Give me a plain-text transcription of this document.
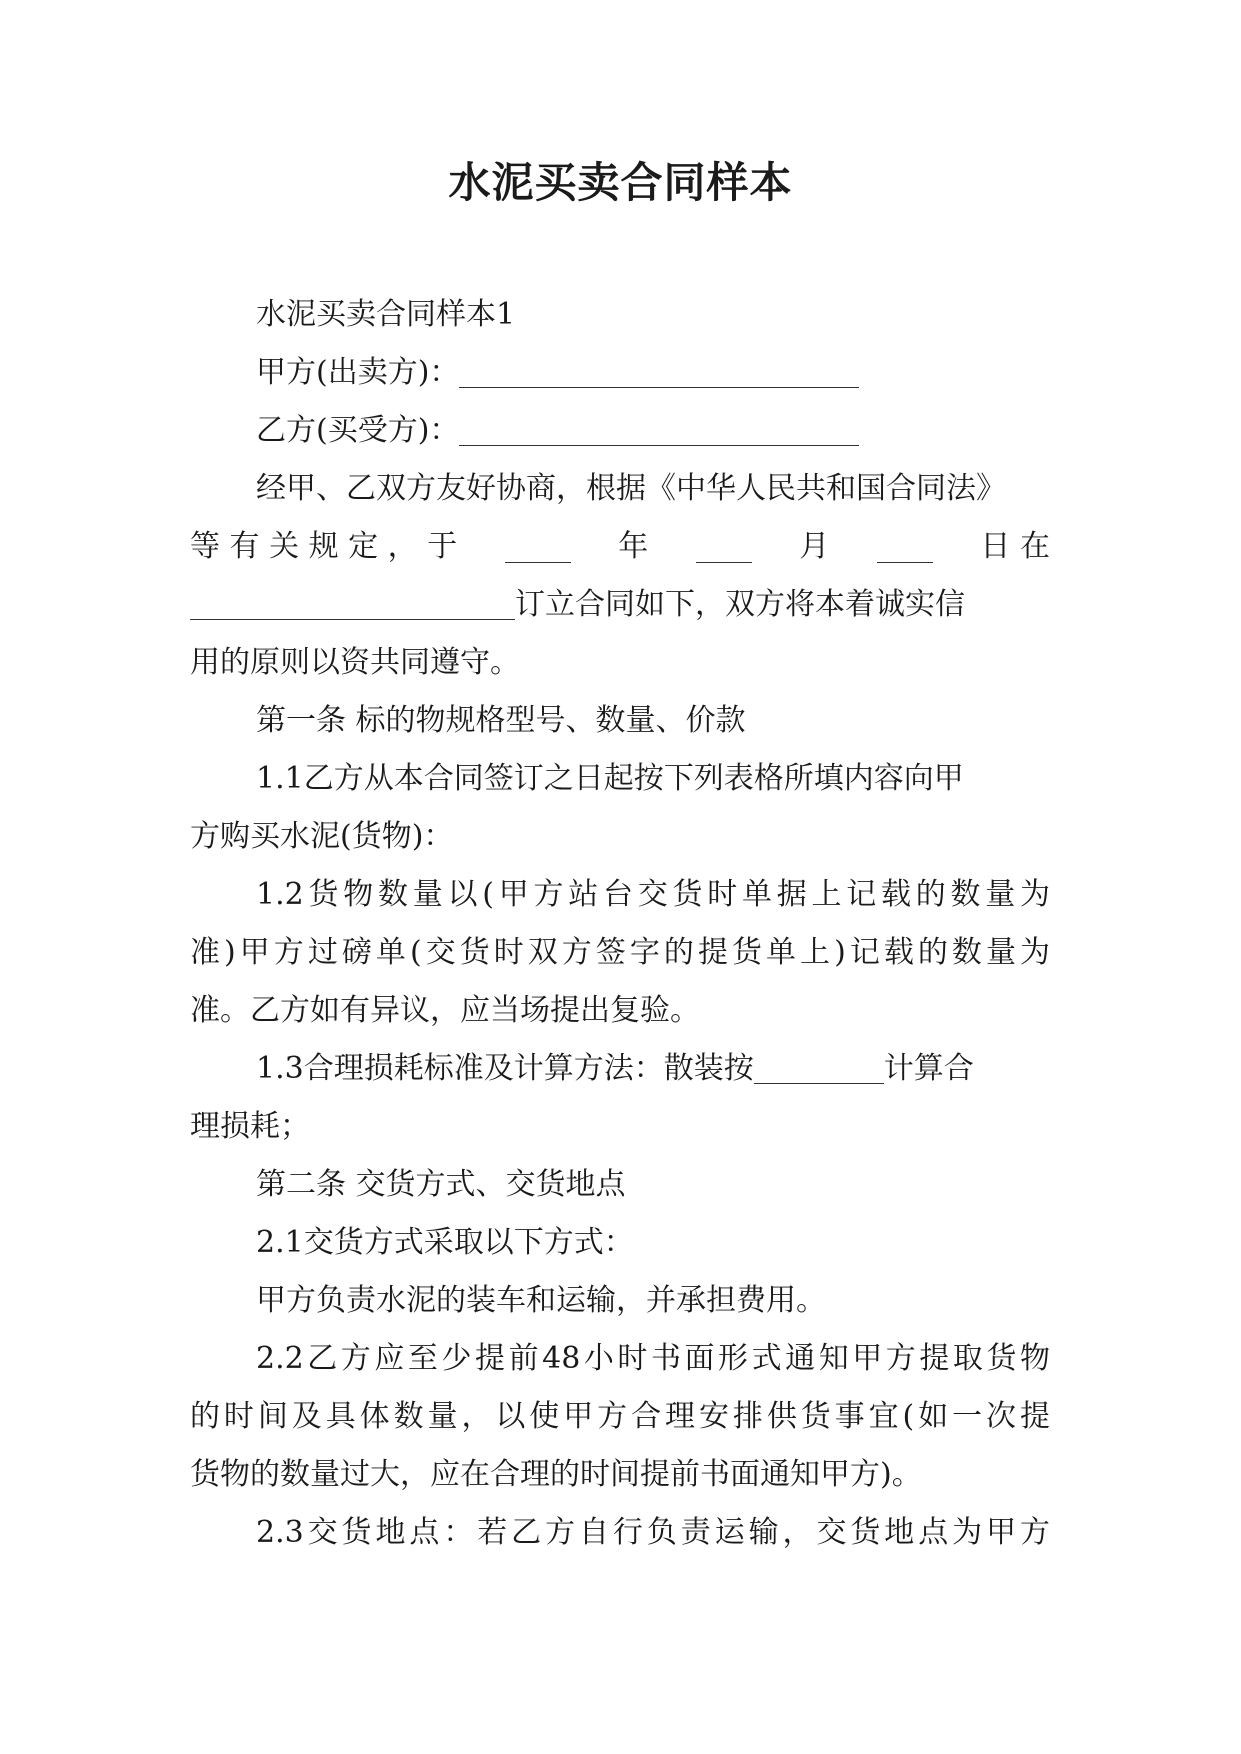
水泥买卖合同样本
水泥买卖合同样本1
甲方(出卖方)：
乙方(买受方)：
经甲、乙双方友好协商，根据《中华人民共和国合同法》
等 有 关 规 定 ， 于	年	月	日 在
订立合同如下，双方将本着诚实信
用的原则以资共同遵守。
第一条 标的物规格型号、数量、价款
1.1乙方从本合同签订之日起按下列表格所填内容向甲
方购买水泥(货物)：
1.2货物数量以(甲方站台交货时单据上记载的数量为
准)甲方过磅单(交货时双方签字的提货单上)记载的数量为
准。乙方如有异议，应当场提出复验。
1.3合理损耗标准及计算方法：散装按	计算合
理损耗；
第二条 交货方式、交货地点
2.1交货方式采取以下方式：
甲方负责水泥的装车和运输，并承担费用。
2.2乙方应至少提前48小时书面形式通知甲方提取货物
的时间及具体数量，以使甲方合理安排供货事宜(如一次提
货物的数量过大，应在合理的时间提前书面通知甲方)。
2.3交货地点：若乙方自行负责运输，交货地点为甲方
